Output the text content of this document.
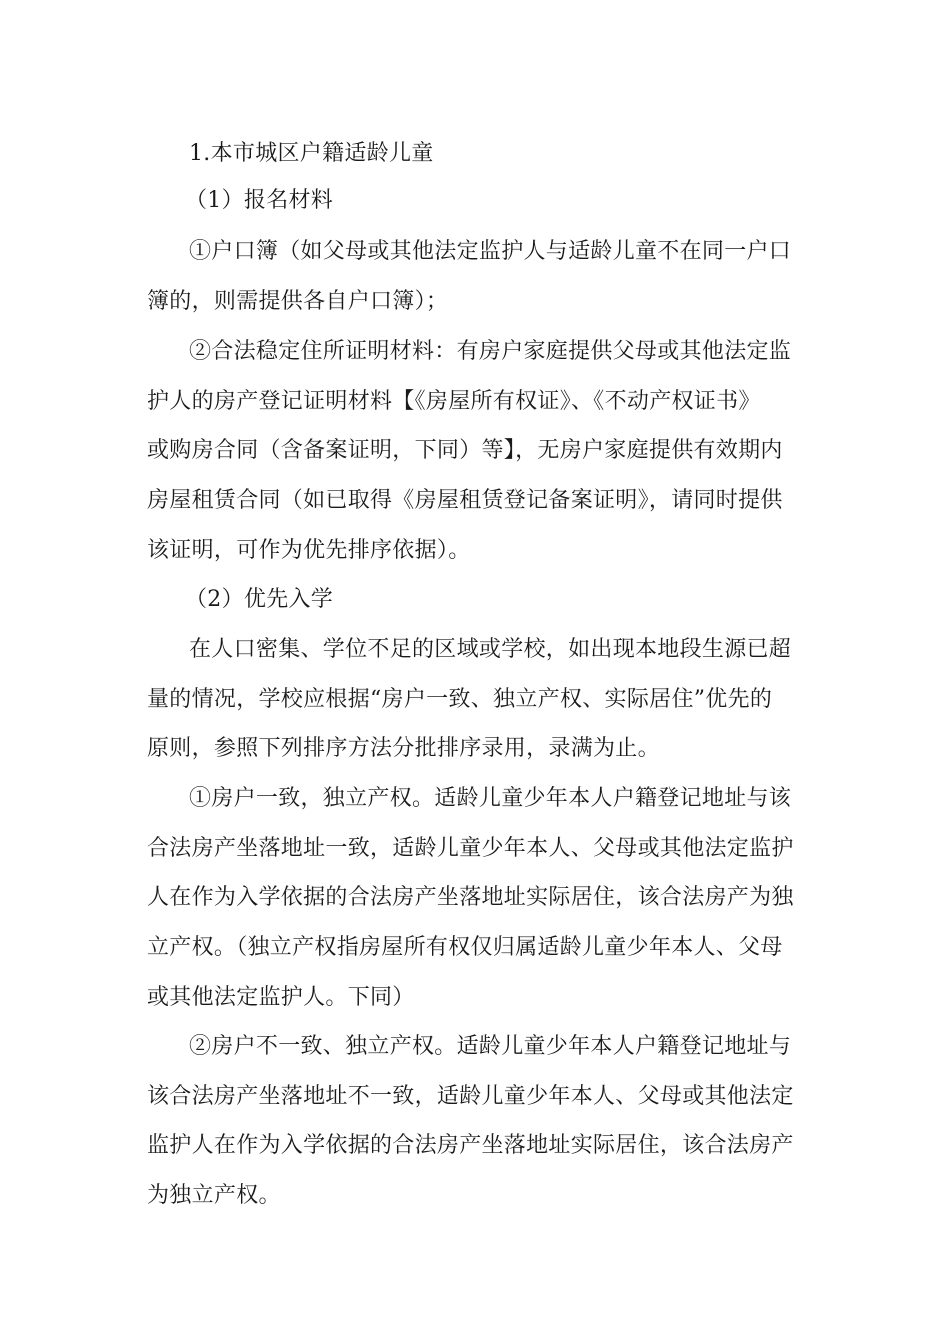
1.本市城区户籍适龄儿童
（1）报名材料
①户口簿（如父母或其他法定监护人与适龄儿童不在同一户口
簿的，则需提供各自户口簿）；
②合法稳定住所证明材料：有房户家庭提供父母或其他法定监
护人的房产登记证明材料【《房屋所有权证》、《不动产权证书》
或购房合同（含备案证明，下同）等】，无房户家庭提供有效期内
房屋租赁合同（如已取得《房屋租赁登记备案证明》，请同时提供
该证明，可作为优先排序依据）。
（2）优先入学
在人口密集、学位不足的区域或学校，如出现本地段生源已超
量的情况，学校应根据“房户一致、独立产权、实际居住”优先的
原则，参照下列排序方法分批排序录用，录满为止。
①房户一致，独立产权。适龄儿童少年本人户籍登记地址与该
合法房产坐落地址一致，适龄儿童少年本人、父母或其他法定监护
人在作为入学依据的合法房产坐落地址实际居住，该合法房产为独
立产权。（独立产权指房屋所有权仅归属适龄儿童少年本人、父母
或其他法定监护人。下同）
②房户不一致、独立产权。适龄儿童少年本人户籍登记地址与
该合法房产坐落地址不一致，适龄儿童少年本人、父母或其他法定
监护人在作为入学依据的合法房产坐落地址实际居住，该合法房产
为独立产权。
